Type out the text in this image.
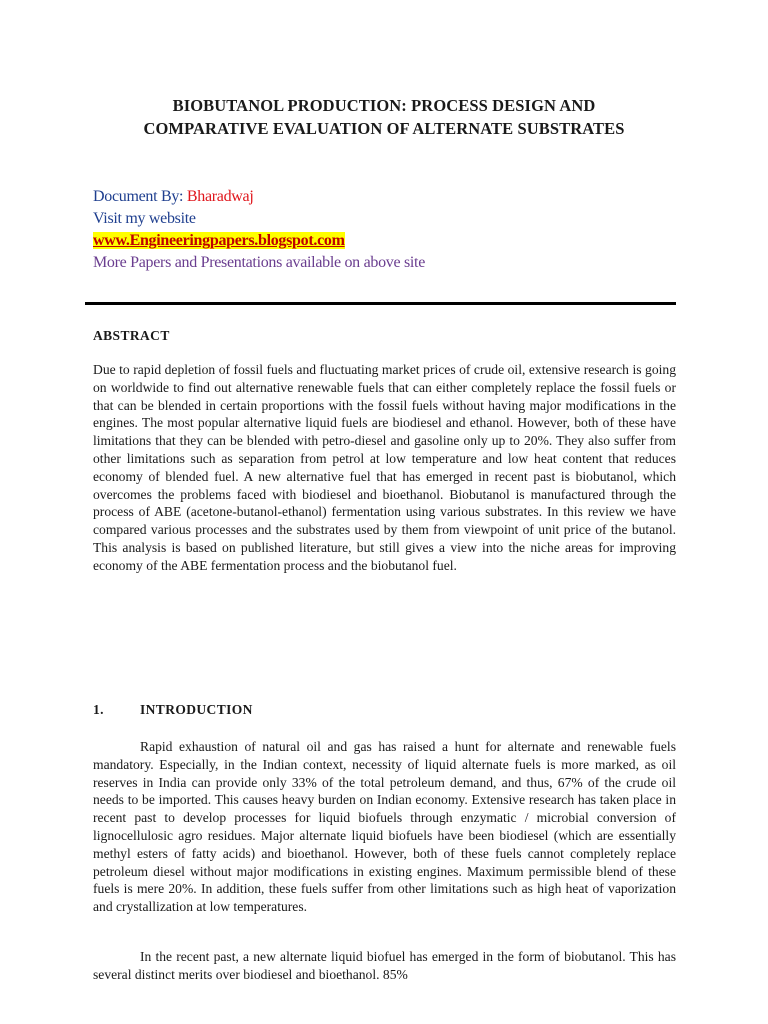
BIOBUTANOL PRODUCTION: PROCESS DESIGN AND
COMPARATIVE EVALUATION OF ALTERNATE SUBSTRATES
Document By: Bharadwaj
Visit my website
www.Engineeringpapers.blogspot.com
More Papers and Presentations available on above site
ABSTRACT
Due to rapid depletion of fossil fuels and fluctuating market prices of crude oil, extensive research is going on worldwide to find out alternative renewable fuels that can either completely replace the fossil fuels or that can be blended in certain proportions with the fossil fuels without having major modifications in the engines. The most popular alternative liquid fuels are biodiesel and ethanol. However, both of these have limitations that they can be blended with petro-diesel and gasoline only up to 20%. They also suffer from other limitations such as separation from petrol at low temperature and low heat content that reduces economy of blended fuel. A new alternative fuel that has emerged in recent past is biobutanol, which overcomes the problems faced with biodiesel and bioethanol. Biobutanol is manufactured through the process of ABE (acetone-butanol-ethanol) fermentation using various substrates. In this review we have compared various processes and the substrates used by them from viewpoint of unit price of the butanol. This analysis is based on published literature, but still gives a view into the niche areas for improving economy of the ABE fermentation process and the biobutanol fuel.
1.	INTRODUCTION
Rapid exhaustion of natural oil and gas has raised a hunt for alternate and renewable fuels mandatory. Especially, in the Indian context, necessity of liquid alternate fuels is more marked, as oil reserves in India can provide only 33% of the total petroleum demand, and thus, 67% of the crude oil needs to be imported. This causes heavy burden on Indian economy. Extensive research has taken place in recent past to develop processes for liquid biofuels through enzymatic / microbial conversion of lignocellulosic agro residues. Major alternate liquid biofuels have been biodiesel (which are essentially methyl esters of fatty acids) and bioethanol. However, both of these fuels cannot completely replace petroleum diesel without major modifications in existing engines. Maximum permissible blend of these fuels is mere 20%. In addition, these fuels suffer from other limitations such as high heat of vaporization and crystallization at low temperatures.
In the recent past, a new alternate liquid biofuel has emerged in the form of biobutanol. This has several distinct merits over biodiesel and bioethanol. 85%
